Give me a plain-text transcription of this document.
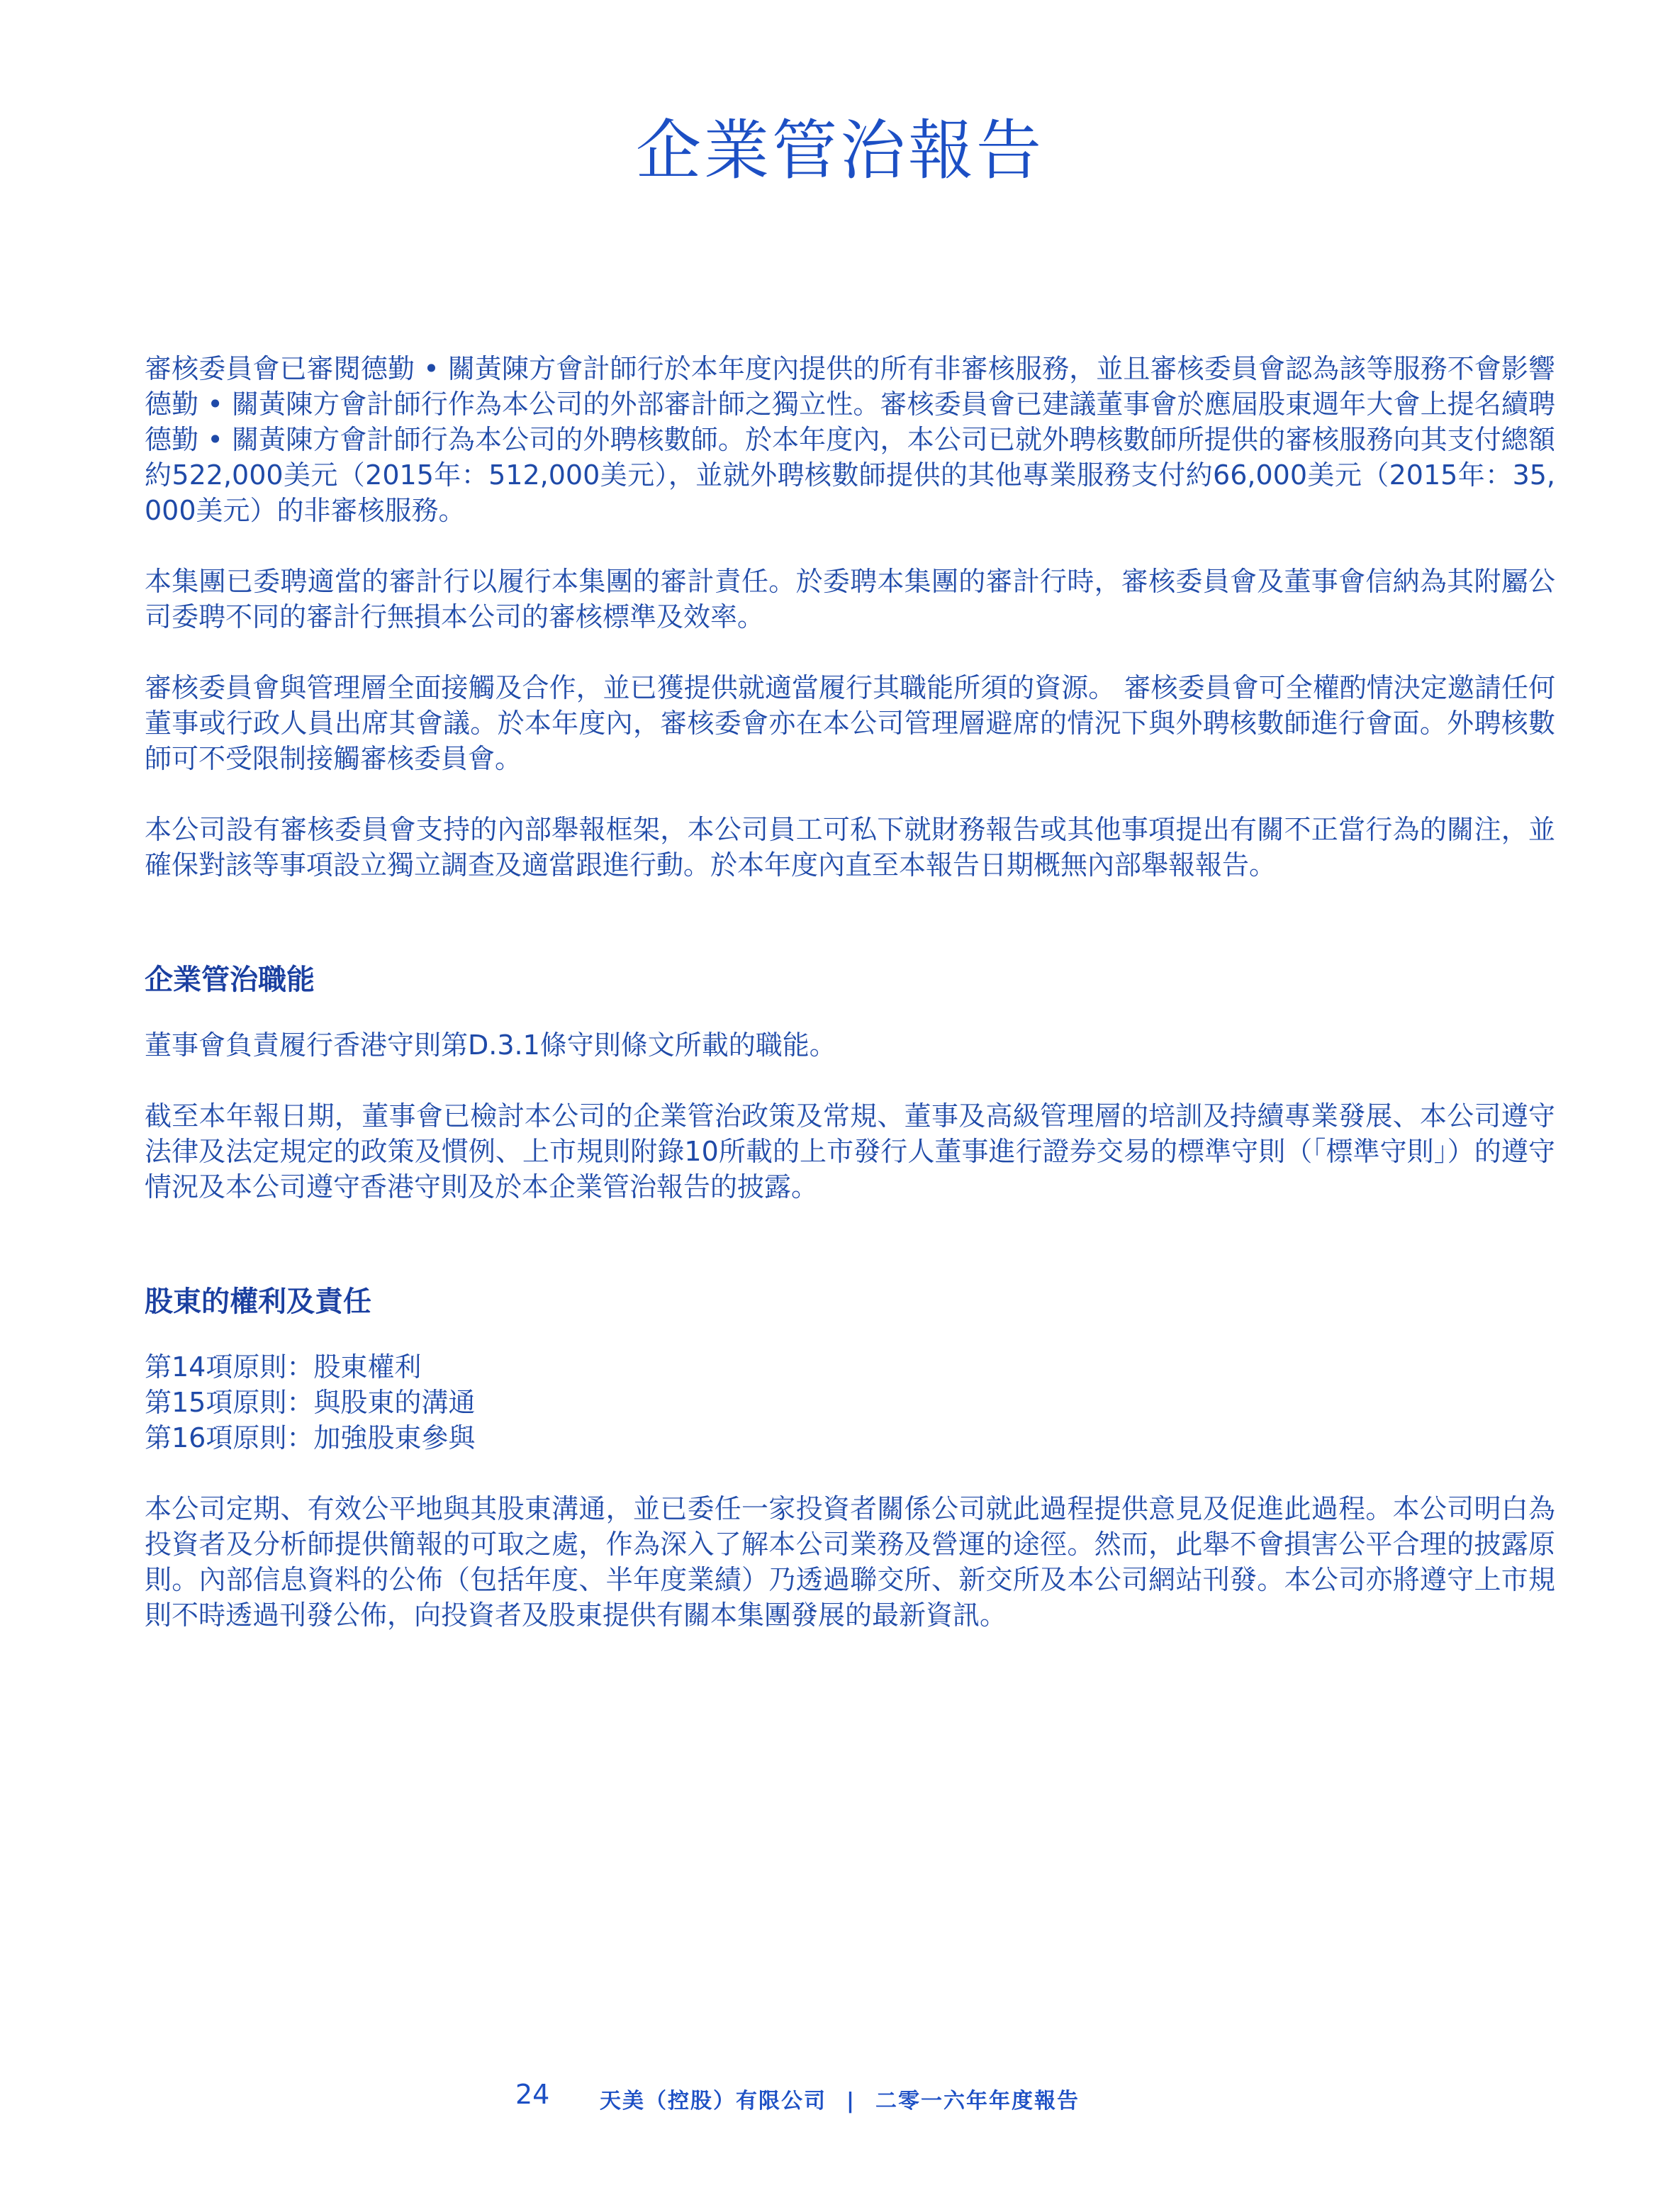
企業管治報告

審核委員會已審閱德勤 • 關黃陳方會計師行於本年度內提供的所有非審核服務，並且審核委員會認為該等服務不會影響德勤 • 關黃陳方會計師行作為本公司的外部審計師之獨立性。審核委員會已建議董事會於應屆股東週年大會上提名續聘德勤 • 關黃陳方會計師行為本公司的外聘核數師。於本年度內，本公司已就外聘核數師所提供的審核服務向其支付總額約522,000美元（2015年：512,000美元），並就外聘核數師提供的其他專業服務支付約66,000美元（2015年：35,000美元）的非審核服務。

本集團已委聘適當的審計行以履行本集團的審計責任。於委聘本集團的審計行時，審核委員會及董事會信納為其附屬公司委聘不同的審計行無損本公司的審核標準及效率。

審核委員會與管理層全面接觸及合作，並已獲提供就適當履行其職能所須的資源。 審核委員會可全權酌情決定邀請任何董事或行政人員出席其會議。於本年度內，審核委會亦在本公司管理層避席的情況下與外聘核數師進行會面。外聘核數師可不受限制接觸審核委員會。

本公司設有審核委員會支持的內部舉報框架，本公司員工可私下就財務報告或其他事項提出有關不正當行為的關注，並確保對該等事項設立獨立調查及適當跟進行動。於本年度內直至本報告日期概無內部舉報報告。

企業管治職能

董事會負責履行香港守則第D.3.1條守則條文所載的職能。

截至本年報日期，董事會已檢討本公司的企業管治政策及常規、董事及高級管理層的培訓及持續專業發展、本公司遵守法律及法定規定的政策及慣例、上市規則附錄10所載的上市發行人董事進行證券交易的標準守則（「標準守則」）的遵守情況及本公司遵守香港守則及於本企業管治報告的披露。

股東的權利及責任

第14項原則：股東權利

第15項原則：與股東的溝通

第16項原則：加強股東參與

本公司定期、有效公平地與其股東溝通，並已委任一家投資者關係公司就此過程提供意見及促進此過程。本公司明白為投資者及分析師提供簡報的可取之處，作為深入了解本公司業務及營運的途徑。然而，此舉不會損害公平合理的披露原則。內部信息資料的公佈（包括年度、半年度業績）乃透過聯交所、新交所及本公司網站刊發。本公司亦將遵守上市規則不時透過刊發公佈，向投資者及股東提供有關本集團發展的最新資訊。

24 天美（控股）有限公司 | 二零一六年年度報告
